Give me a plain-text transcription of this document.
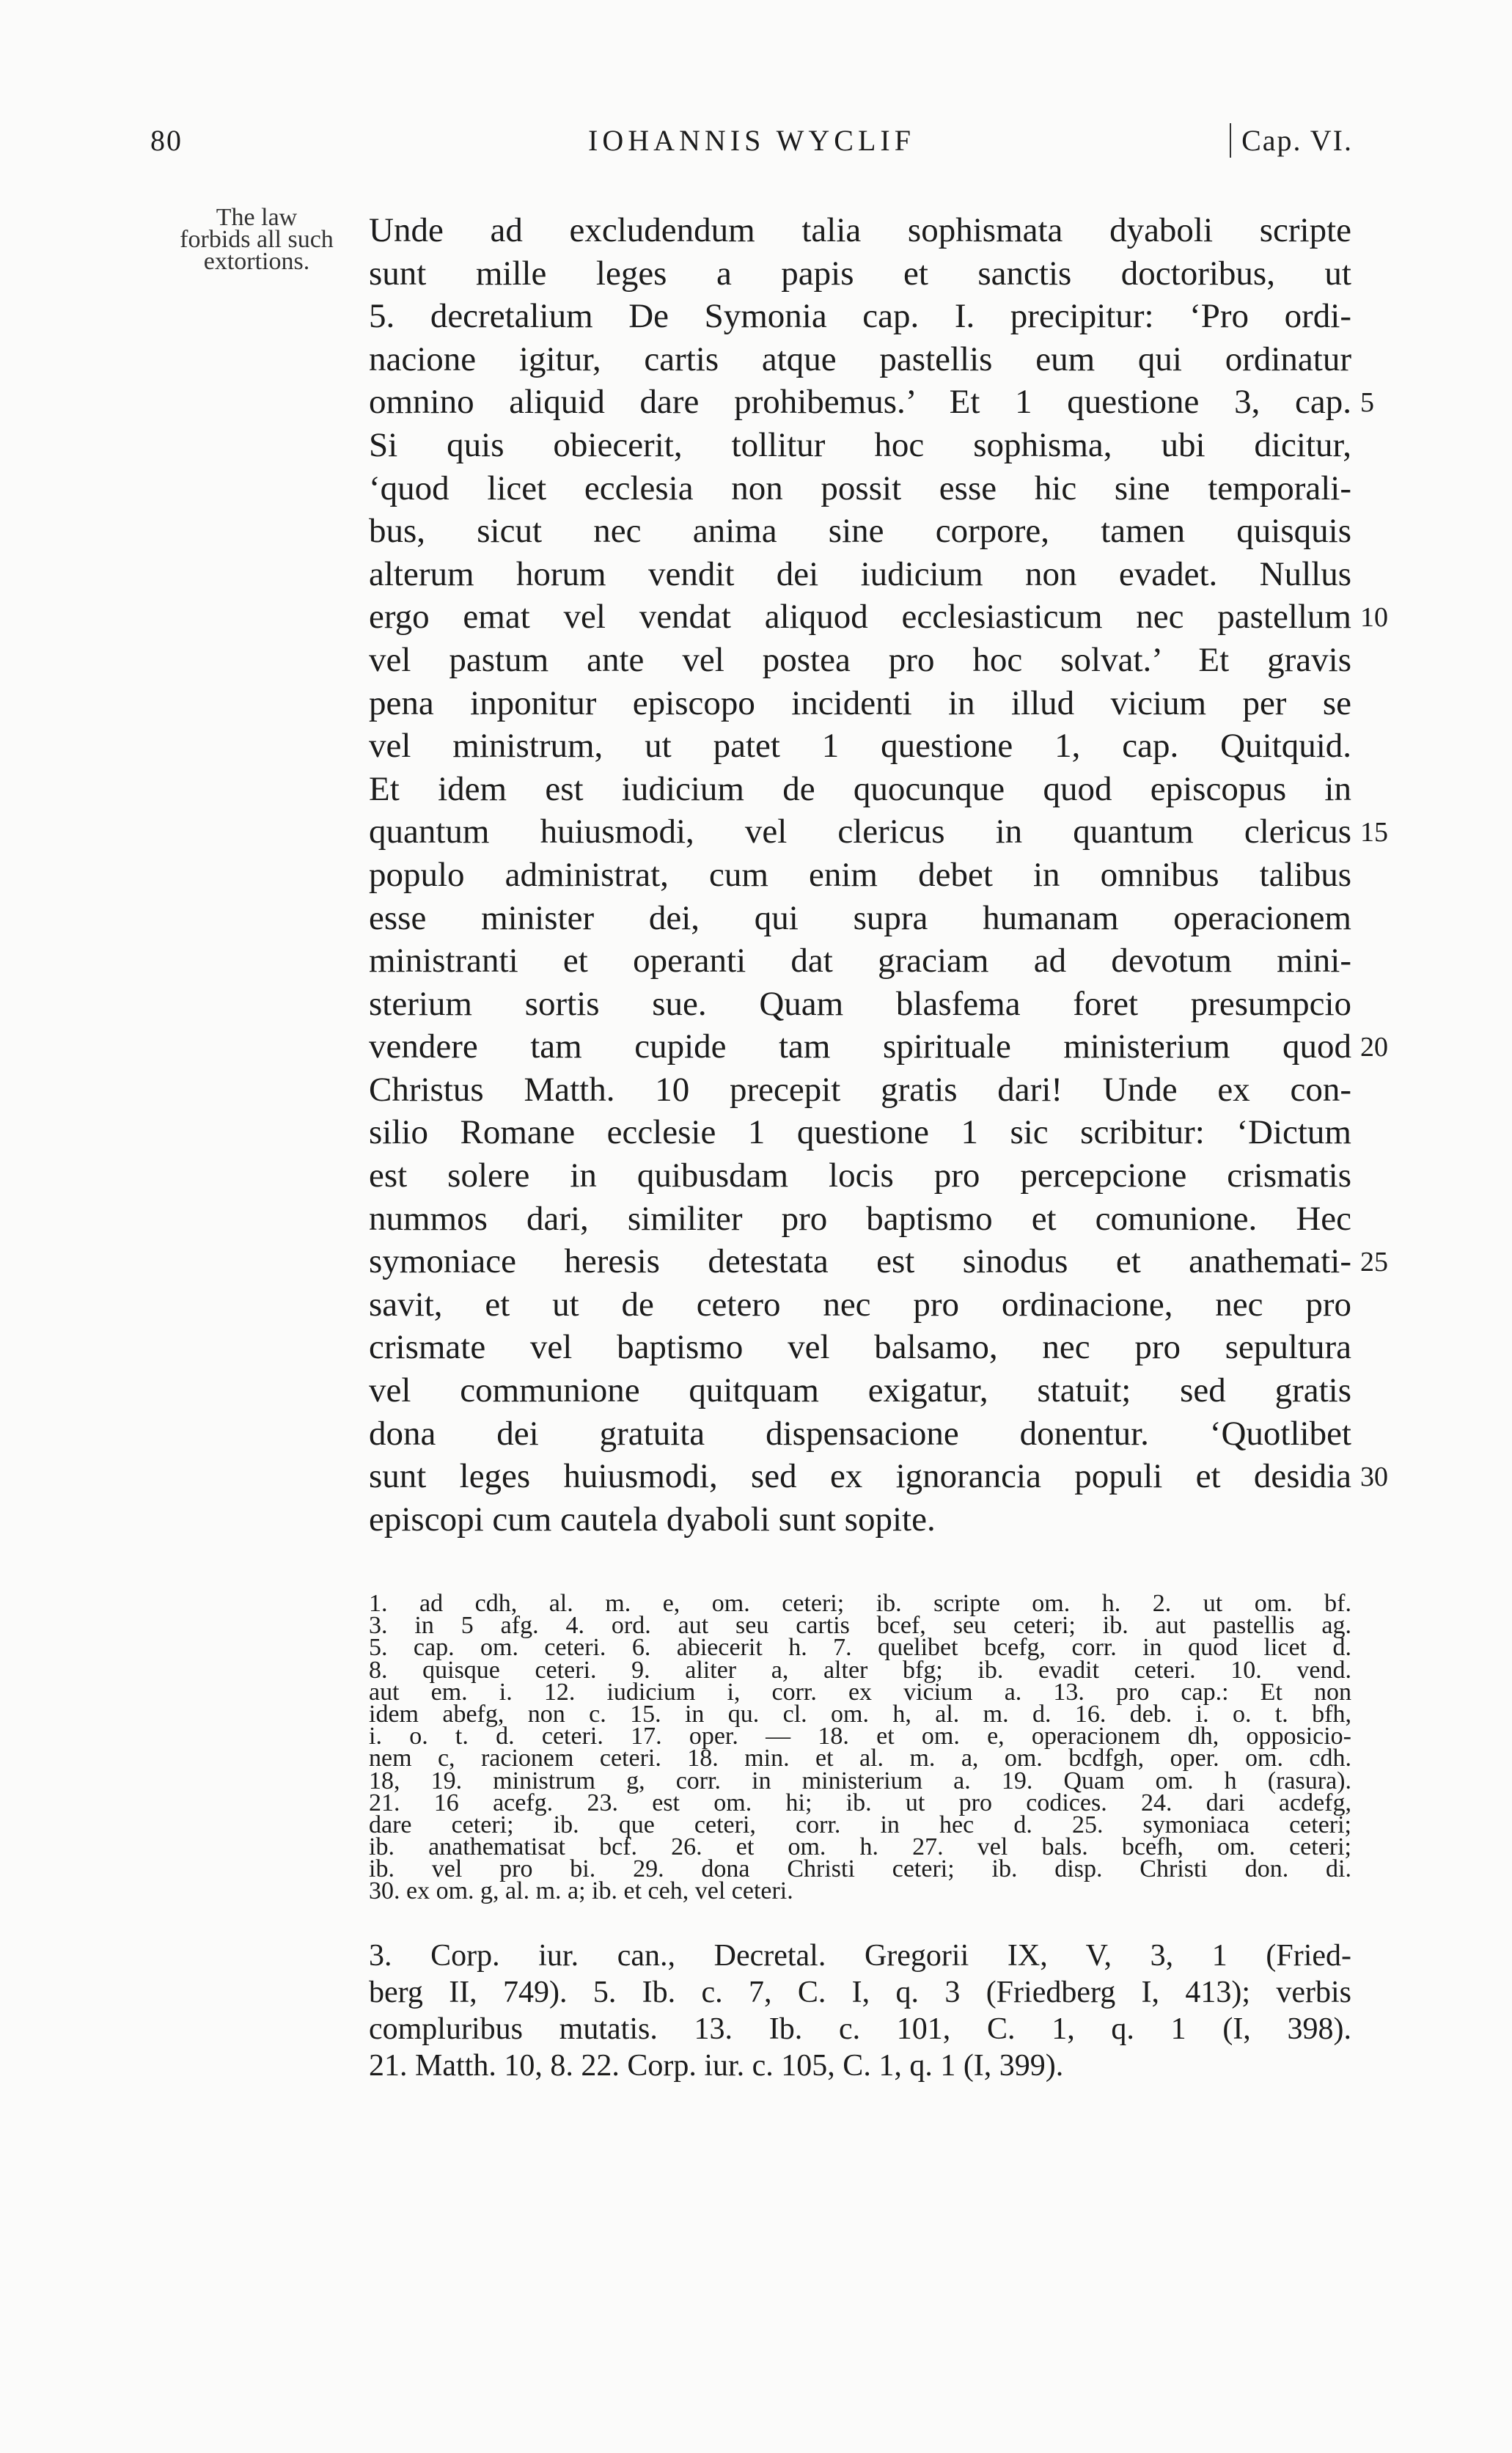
80	IOHANNIS WYCLIF	Cap. VI.
The law
forbids all such
extortions.
Unde ad excludendum talia sophismata dyaboli scripte
sunt mille leges a papis et sanctis doctoribus, ut
5. decretalium De Symonia cap. I. precipitur: ‘Pro ordi-
nacione igitur, cartis atque pastellis eum qui ordinatur
omnino aliquid dare prohibemus.’ Et 1 questione 3, cap.
Si quis obiecerit, tollitur hoc sophisma, ubi dicitur,
‘quod licet ecclesia non possit esse hic sine temporali-
bus, sicut nec anima sine corpore, tamen quisquis
alterum horum vendit dei iudicium non evadet. Nullus
ergo emat vel vendat aliquod ecclesiasticum nec pastellum
vel pastum ante vel postea pro hoc solvat.’ Et gravis
pena inponitur episcopo incidenti in illud vicium per se
vel ministrum, ut patet 1 questione 1, cap. Quitquid.
Et idem est iudicium de quocunque quod episcopus in
quantum huiusmodi, vel clericus in quantum clericus
populo administrat, cum enim debet in omnibus talibus
esse minister dei, qui supra humanam operacionem
ministranti et operanti dat graciam ad devotum mini-
sterium sortis sue. Quam blasfema foret presumpcio
vendere tam cupide tam spirituale ministerium quod
Christus Matth. 10 precepit gratis dari! Unde ex con-
silio Romane ecclesie 1 questione 1 sic scribitur: ‘Dictum
est solere in quibusdam locis pro percepcione crismatis
nummos dari, similiter pro baptismo et comunione. Hec
symoniace heresis detestata est sinodus et anathemati-
savit, et ut de cetero nec pro ordinacione, nec pro
crismate vel baptismo vel balsamo, nec pro sepultura
vel communione quitquam exigatur, statuit; sed gratis
dona dei gratuita dispensacione donentur. ‘Quotlibet
sunt leges huiusmodi, sed ex ignorancia populi et desidia
episcopi cum cautela dyaboli sunt sopite.
5
10
15
20
25
30
1. ad cdh, al. m. e, om. ceteri; ib. scripte om. h. 2. ut om. bf.
3. in 5 afg. 4. ord. aut seu cartis bcef, seu ceteri; ib. aut pastellis ag.
5. cap. om. ceteri. 6. abiecerit h. 7. quelibet bcefg, corr. in quod licet d.
8. quisque ceteri. 9. aliter a, alter bfg; ib. evadit ceteri. 10. vend.
aut em. i. 12. iudicium i, corr. ex vicium a. 13. pro cap.: Et non
idem abefg, non c. 15. in qu. cl. om. h, al. m. d. 16. deb. i. o. t. bfh,
i. o. t. d. ceteri. 17. oper. — 18. et om. e, operacionem dh, opposicio-
nem c, racionem ceteri. 18. min. et al. m. a, om. bcdfgh, oper. om. cdh.
18, 19. ministrum g, corr. in ministerium a. 19. Quam om. h (rasura).
21. 16 acefg. 23. est om. hi; ib. ut pro codices. 24. dari acdefg,
dare ceteri; ib. que ceteri, corr. in hec d. 25. symoniaca ceteri;
ib. anathematisat bcf. 26. et om. h. 27. vel bals. bcefh, om. ceteri;
ib. vel pro bi. 29. dona Christi ceteri; ib. disp. Christi don. di.
30. ex om. g, al. m. a; ib. et ceh, vel ceteri.
3. Corp. iur. can., Decretal. Gregorii IX, V, 3, 1 (Fried-
berg II, 749). 5. Ib. c. 7, C. I, q. 3 (Friedberg I, 413); verbis
compluribus mutatis. 13. Ib. c. 101, C. 1, q. 1 (I, 398).
21. Matth. 10, 8. 22. Corp. iur. c. 105, C. 1, q. 1 (I, 399).
